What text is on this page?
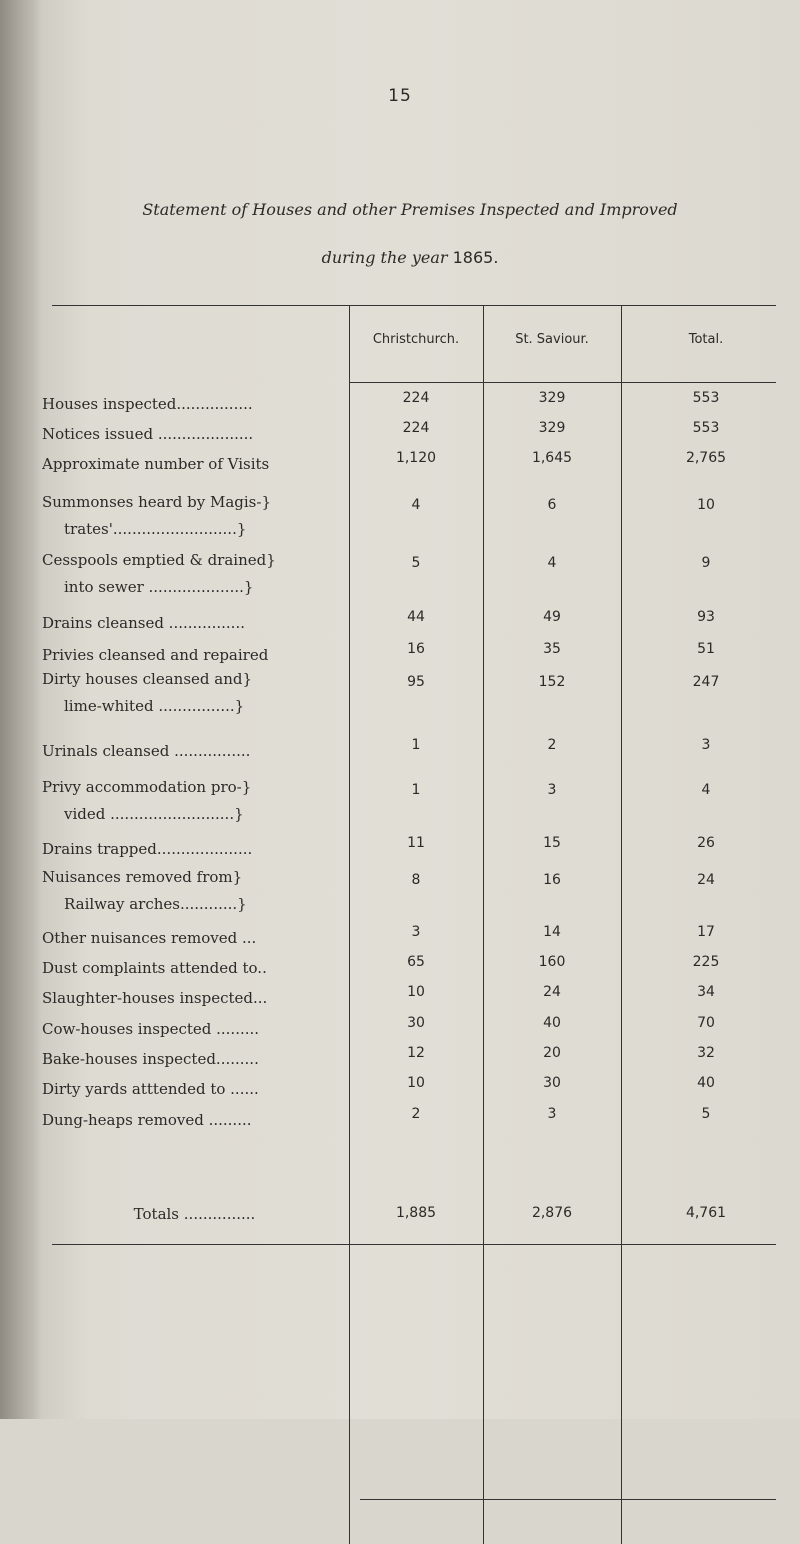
15
Statement of Houses and other Premises Inspected and Improved
during the year 1865.
Christchurch.	St. Saviour.	Total.
Houses inspected................	224	329	553
Notices issued ....................	224	329	553
Approximate number of Visits	1,120	1,645	2,765
Summonses heard by Magis-}
trates'..........................}
4	6	10
Cesspools emptied & drained}
into sewer ....................}
5	4	9
Drains cleansed ................	44	49	93
Privies cleansed and repaired	16	35	51
Dirty houses cleansed and}
lime-whited ................}
95	152	247
Urinals cleansed ................	1	2	3
Privy accommodation pro-}
vided ..........................}
1	3	4
Drains trapped....................	11	15	26
Nuisances removed from}
Railway arches............}
8	16	24
Other nuisances removed ...	3	14	17
Dust complaints attended to..	65	160	225
Slaughter-houses inspected...	10	24	34
Cow-houses inspected .........	30	40	70
Bake-houses inspected.........	12	20	32
Dirty yards atttended to ......	10	30	40
Dung-heaps removed .........	2	3	5
Totals ...............	1,885	2,876	4,761
